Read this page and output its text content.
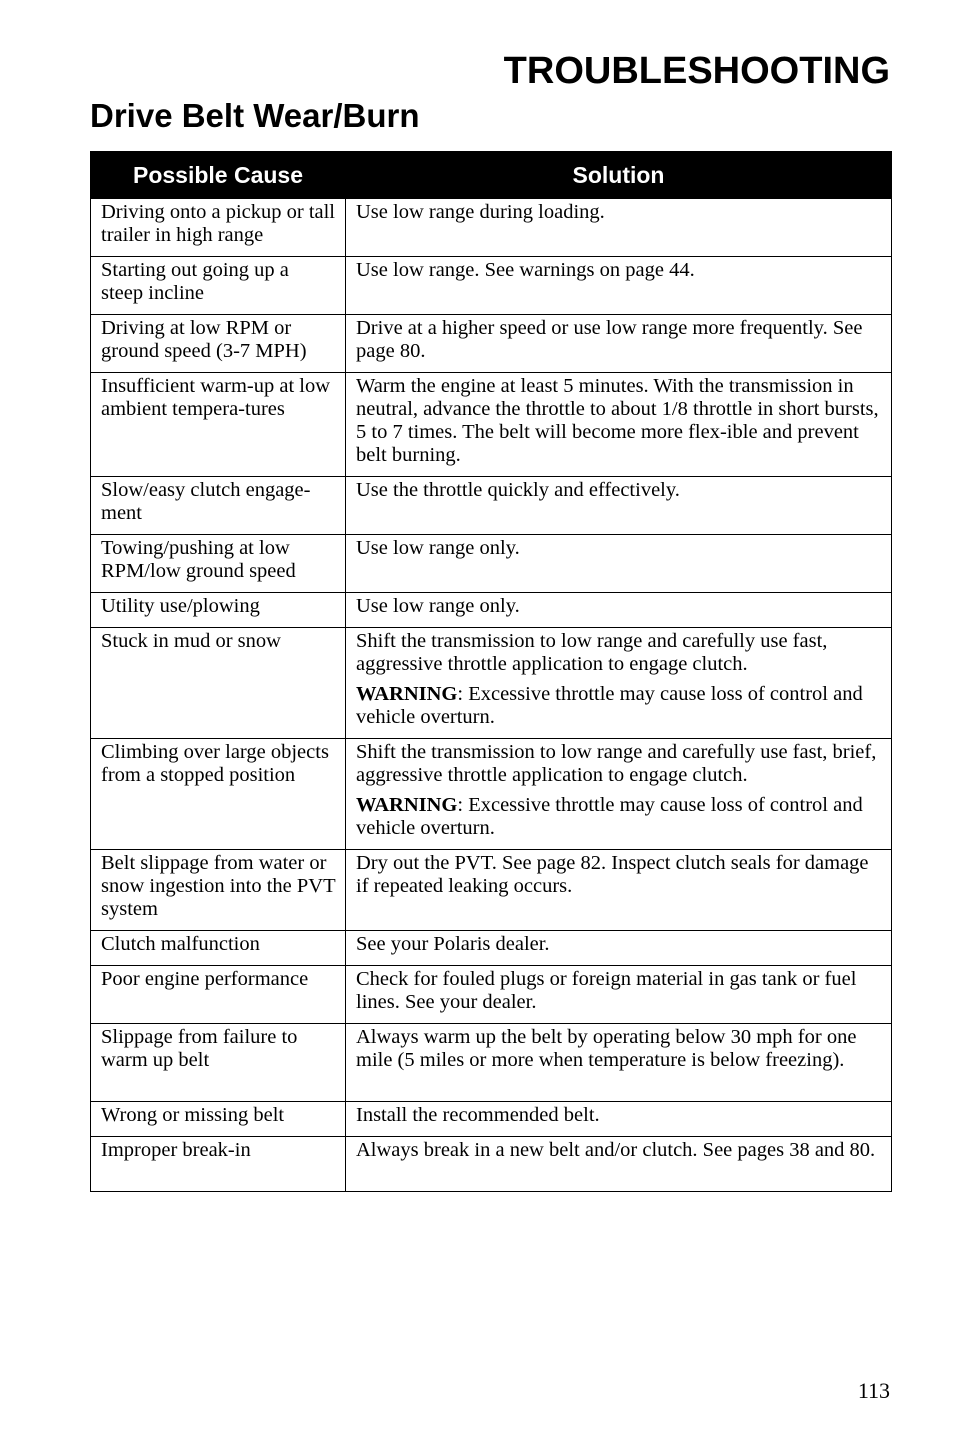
TROUBLESHOOTING
Drive Belt Wear/Burn
Possible Cause	Solution
Driving onto a pickup or tall trailer in high range	Use low range during loading.
Starting out going up a steep incline	Use low range. See warnings on page 44.
Driving at low RPM or ground speed (3-7 MPH)	Drive at a higher speed or use low range more frequently. See page 80.
Insufficient warm-up at low ambient tempera-tures	Warm the engine at least 5 minutes. With the transmission in neutral, advance the throttle to about 1/8 throttle in short bursts, 5 to 7 times. The belt will become more flex-ible and prevent belt burning.
Slow/easy clutch engage-ment	Use the throttle quickly and effectively.
Towing/pushing at low RPM/low ground speed	Use low range only.
Utility use/plowing	Use low range only.
Stuck in mud or snow	Shift the transmission to low range and carefully use fast, aggressive throttle application to engage clutch.
WARNING: Excessive throttle may cause loss of control and vehicle overturn.

Climbing over large objects from a stopped position	Shift the transmission to low range and carefully use fast, brief, aggressive throttle application to engage clutch.
WARNING: Excessive throttle may cause loss of control and vehicle overturn.

Belt slippage from water or snow ingestion into the PVT system	Dry out the PVT. See page 82. Inspect clutch seals for damage if repeated leaking occurs.
Clutch malfunction	See your Polaris dealer.
Poor engine performance	Check for fouled plugs or foreign material in gas tank or fuel lines. See your dealer.
Slippage from failure to warm up belt	Always warm up the belt by operating below 30 mph for one mile (5 miles or more when temperature is below freezing).
Wrong or missing belt	Install the recommended belt.
Improper break-in	Always break in a new belt and/or clutch. See pages 38 and 80.
113
